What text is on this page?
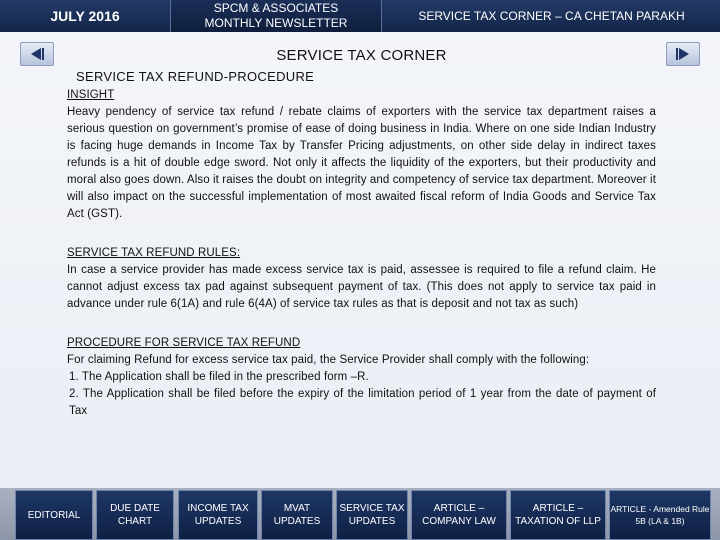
JULY 2016	SPCM & ASSOCIATES MONTHLY NEWSLETTER	SERVICE TAX CORNER – CA CHETAN PARAKH
SERVICE TAX CORNER
SERVICE TAX REFUND-PROCEDURE
INSIGHT
Heavy pendency of service tax refund / rebate claims of exporters with the service tax department raises a serious question on government’s promise of ease of doing business in India. Where on one side Indian Industry is facing huge demands in Income Tax by Transfer Pricing adjustments, on other side delay in indirect taxes refunds is a hit of double edge sword. Not only it affects the liquidity of the exporters, but their productivity and moral also goes down. Also it raises the doubt on integrity and competency of service tax department. Moreover it will also impact on the successful implementation of most awaited fiscal reform of India Goods and Service Tax Act (GST).
SERVICE TAX REFUND RULES:
In case a service provider has made excess service tax is paid, assessee is required to file a refund claim. He cannot adjust excess tax pad against subsequent payment of tax. (This does not apply to service tax paid in advance under rule 6(1A) and rule 6(4A) of service tax rules as that is deposit and not tax as such)
PROCEDURE FOR SERVICE TAX REFUND
For claiming Refund for excess service tax paid, the Service Provider shall comply with the following:
1. The Application shall be filed in the prescribed form –R.
2. The Application shall be filed before the expiry of the limitation period of 1 year from the date of payment of Tax
EDITORIAL
DUE DATE CHART
INCOME TAX UPDATES
MVAT UPDATES
SERVICE TAX UPDATES
ARTICLE – COMPANY LAW
ARTICLE – TAXATION OF LLP
ARTICLE - Amended Rule 5B (LA & 1B)
